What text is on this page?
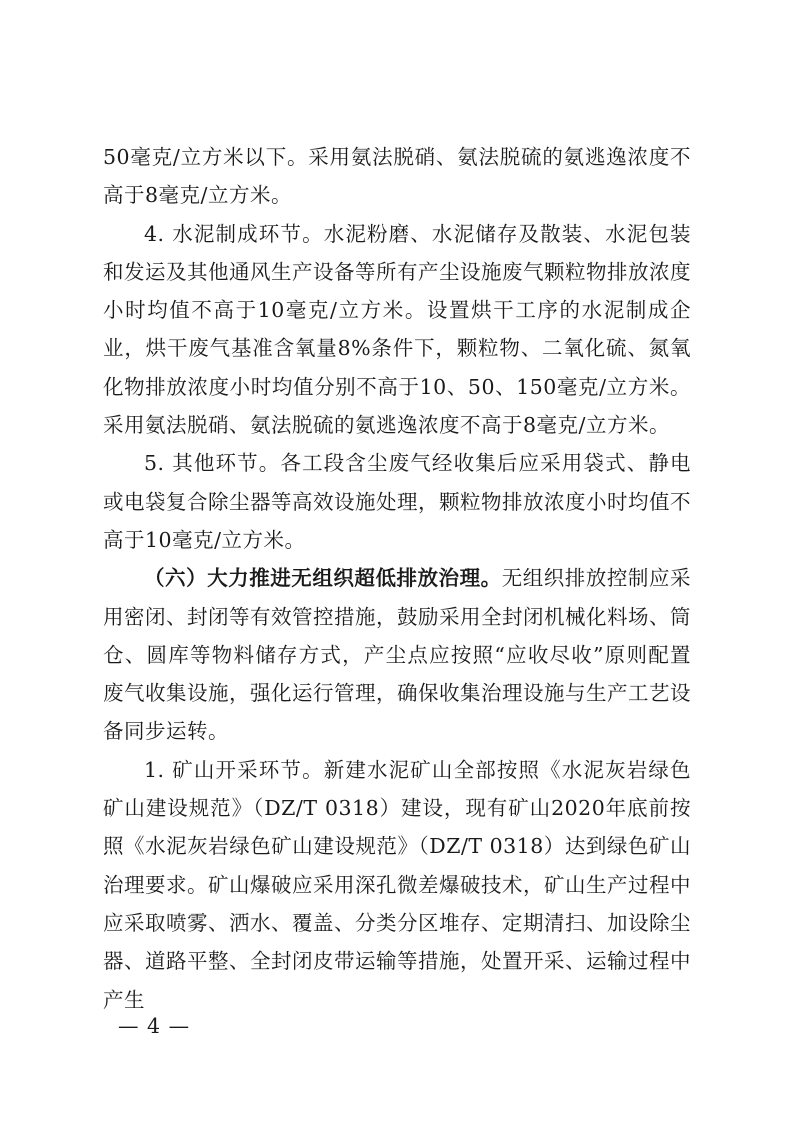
50毫克/立方米以下。采用氨法脱硝、氨法脱硫的氨逃逸浓度不高于8毫克/立方米。

4. 水泥制成环节。水泥粉磨、水泥储存及散装、水泥包装和发运及其他通风生产设备等所有产尘设施废气颗粒物排放浓度小时均值不高于10毫克/立方米。设置烘干工序的水泥制成企业，烘干废气基准含氧量8%条件下，颗粒物、二氧化硫、氮氧化物排放浓度小时均值分别不高于10、50、150毫克/立方米。采用氨法脱硝、氨法脱硫的氨逃逸浓度不高于8毫克/立方米。

5. 其他环节。各工段含尘废气经收集后应采用袋式、静电或电袋复合除尘器等高效设施处理，颗粒物排放浓度小时均值不高于10毫克/立方米。

（六）大力推进无组织超低排放治理。无组织排放控制应采用密闭、封闭等有效管控措施，鼓励采用全封闭机械化料场、筒仓、圆库等物料储存方式，产尘点应按照“应收尽收”原则配置废气收集设施，强化运行管理，确保收集治理设施与生产工艺设备同步运转。

1. 矿山开采环节。新建水泥矿山全部按照《水泥灰岩绿色矿山建设规范》（DZ/T 0318）建设，现有矿山2020年底前按照《水泥灰岩绿色矿山建设规范》（DZ/T 0318）达到绿色矿山治理要求。矿山爆破应采用深孔微差爆破技术，矿山生产过程中应采取喷雾、洒水、覆盖、分类分区堆存、定期清扫、加设除尘器、道路平整、全封闭皮带运输等措施，处置开采、运输过程中产生

— 4 —
